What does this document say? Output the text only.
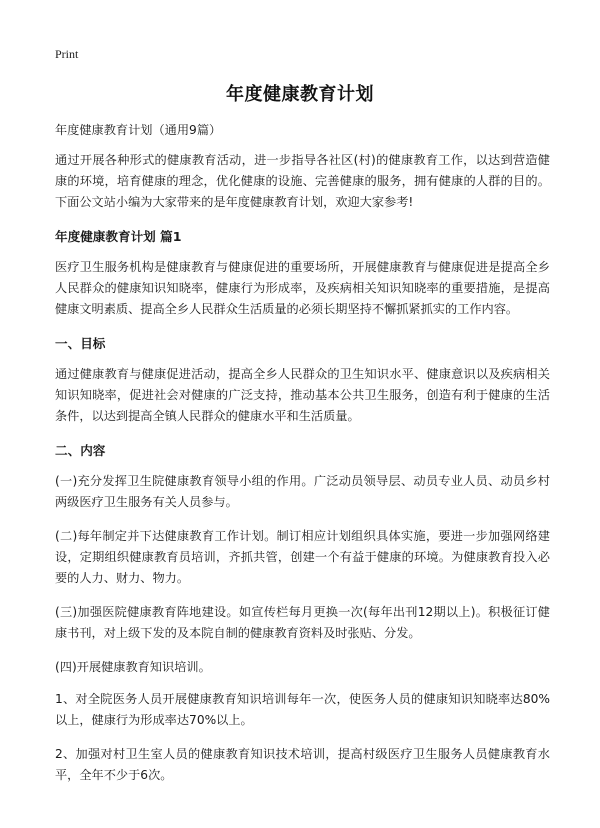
Print
年度健康教育计划

年度健康教育计划（通用9篇）

通过开展各种形式的健康教育活动，进一步指导各社区(村)的健康教育工作，以达到营造健康的环境，培育健康的理念，优化健康的设施、完善健康的服务，拥有健康的人群的目的。下面公文站小编为大家带来的是年度健康教育计划，欢迎大家参考!

年度健康教育计划 篇1

医疗卫生服务机构是健康教育与健康促进的重要场所，开展健康教育与健康促进是提高全乡人民群众的健康知识知晓率，健康行为形成率，及疾病相关知识知晓率的重要措施，是提高健康文明素质、提高全乡人民群众生活质量的必须长期坚持不懈抓紧抓实的工作内容。

一、目标

通过健康教育与健康促进活动，提高全乡人民群众的卫生知识水平、健康意识以及疾病相关知识知晓率，促进社会对健康的广泛支持，推动基本公共卫生服务，创造有利于健康的生活条件，以达到提高全镇人民群众的健康水平和生活质量。

二、内容

(一)充分发挥卫生院健康教育领导小组的作用。广泛动员领导层、动员专业人员、动员乡村两级医疗卫生服务有关人员参与。

(二)每年制定并下达健康教育工作计划。制订相应计划组织具体实施，要进一步加强网络建设，定期组织健康教育员培训，齐抓共管，创建一个有益于健康的环境。为健康教育投入必要的人力、财力、物力。

(三)加强医院健康教育阵地建设。如宣传栏每月更换一次(每年出刊12期以上)。积极征订健康书刊，对上级下发的及本院自制的健康教育资料及时张贴、分发。

(四)开展健康教育知识培训。

1、对全院医务人员开展健康教育知识培训每年一次，使医务人员的健康知识知晓率达80%以上，健康行为形成率达70%以上。

2、加强对村卫生室人员的健康教育知识技术培训，提高村级医疗卫生服务人员健康教育水平，全年不少于6次。
